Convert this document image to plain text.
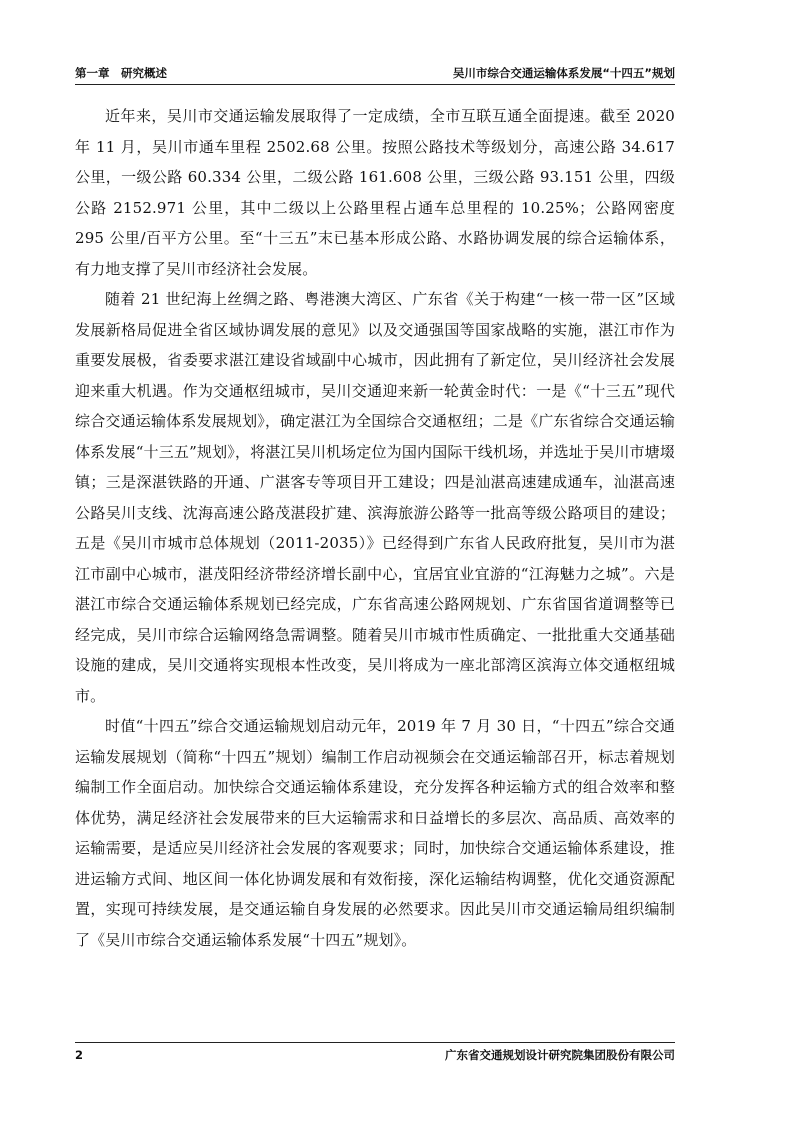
第一章　研究概述	吴川市综合交通运输体系发展“十四五”规划

近年来，吴川市交通运输发展取得了一定成绩，全市互联互通全面提速。截至 2020 年 11 月，吴川市通车里程 2502.68 公里。按照公路技术等级划分，高速公路 34.617 公里，一级公路 60.334 公里，二级公路 161.608 公里，三级公路 93.151 公里，四级公路 2152.971 公里，其中二级以上公路里程占通车总里程的 10.25%；公路网密度 295 公里/百平方公里。至“十三五”末已基本形成公路、水路协调发展的综合运输体系，有力地支撑了吴川市经济社会发展。

随着 21 世纪海上丝绸之路、粤港澳大湾区、广东省《关于构建“一核一带一区”区域发展新格局促进全省区域协调发展的意见》以及交通强国等国家战略的实施，湛江市作为重要发展极，省委要求湛江建设省域副中心城市，因此拥有了新定位，吴川经济社会发展迎来重大机遇。作为交通枢纽城市，吴川交通迎来新一轮黄金时代：一是《“十三五”现代综合交通运输体系发展规划》，确定湛江为全国综合交通枢纽；二是《广东省综合交通运输体系发展“十三五”规划》，将湛江吴川机场定位为国内国际干线机场，并选址于吴川市塘㙍镇；三是深湛铁路的开通、广湛客专等项目开工建设；四是汕湛高速建成通车，汕湛高速公路吴川支线、沈海高速公路茂湛段扩建、滨海旅游公路等一批高等级公路项目的建设；五是《吴川市城市总体规划（2011-2035）》已经得到广东省人民政府批复，吴川市为湛江市副中心城市，湛茂阳经济带经济增长副中心，宜居宜业宜游的“江海魅力之城”。六是湛江市综合交通运输体系规划已经完成，广东省高速公路网规划、广东省国省道调整等已经完成，吴川市综合运输网络急需调整。随着吴川市城市性质确定、一批批重大交通基础设施的建成，吴川交通将实现根本性改变，吴川将成为一座北部湾区滨海立体交通枢纽城市。

时值“十四五”综合交通运输规划启动元年，2019 年 7 月 30 日，“十四五”综合交通运输发展规划（简称“十四五”规划）编制工作启动视频会在交通运输部召开，标志着规划编制工作全面启动。加快综合交通运输体系建设，充分发挥各种运输方式的组合效率和整体优势，满足经济社会发展带来的巨大运输需求和日益增长的多层次、高品质、高效率的运输需要，是适应吴川经济社会发展的客观要求；同时，加快综合交通运输体系建设，推进运输方式间、地区间一体化协调发展和有效衔接，深化运输结构调整，优化交通资源配置，实现可持续发展，是交通运输自身发展的必然要求。因此吴川市交通运输局组织编制了《吴川市综合交通运输体系发展“十四五”规划》。

2	广东省交通规划设计研究院集团股份有限公司
